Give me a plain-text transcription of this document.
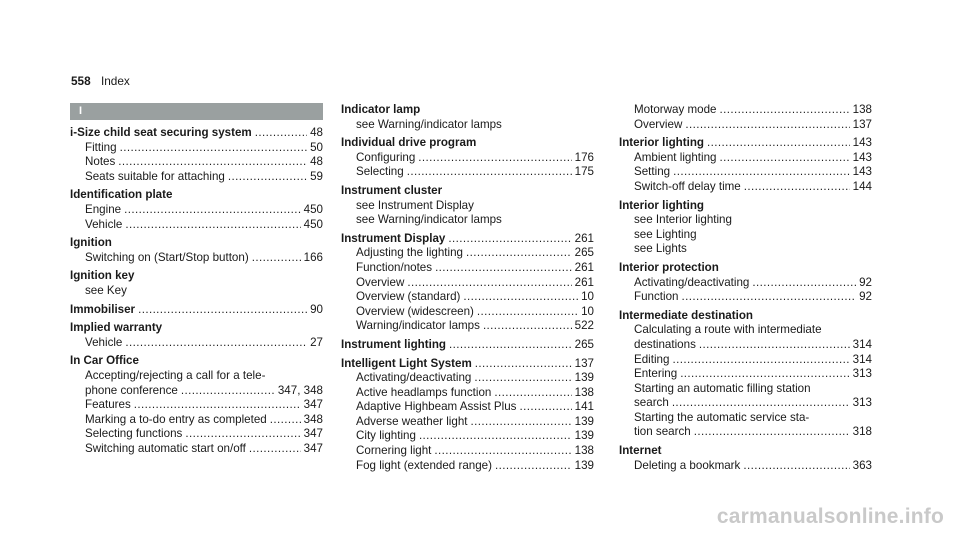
558 Index
I
i-Size child seat securing system .....	48
Fitting .....	50
Notes .....	48
Seats suitable for attaching .....	59
Identification plate
Engine .....	450
Vehicle .....	450
Ignition
Switching on (Start/Stop button) .....	166
Ignition key
see Key
Immobiliser .....	90
Implied warranty
Vehicle .....	27
In Car Office
Accepting/rejecting a call for a tele-
phone conference .....	347, 348
Features .....	347
Marking a to-do entry as completed .....	348
Selecting functions .....	347
Switching automatic start on/off .....	347
Indicator lamp
see Warning/indicator lamps
Individual drive program
Configuring .....	176
Selecting .....	175
Instrument cluster
see Instrument Display
see Warning/indicator lamps
Instrument Display .....	261
Adjusting the lighting .....	265
Function/notes .....	261
Overview .....	261
Overview (standard) .....	10
Overview (widescreen) .....	10
Warning/indicator lamps .....	522
Instrument lighting .....	265
Intelligent Light System .....	137
Activating/deactivating .....	139
Active headlamps function .....	138
Adaptive Highbeam Assist Plus .....	141
Adverse weather light .....	139
City lighting .....	139
Cornering light .....	138
Fog light (extended range) .....	139
Motorway mode .....	138
Overview .....	137
Interior lighting .....	143
Ambient lighting .....	143
Setting .....	143
Switch-off delay time .....	144
Interior lighting
see Interior lighting
see Lighting
see Lights
Interior protection
Activating/deactivating .....	92
Function .....	92
Intermediate destination
Calculating a route with intermediate
destinations .....	314
Editing .....	314
Entering .....	313
Starting an automatic filling station
search .....	313
Starting the automatic service sta-
tion search .....	318
Internet
Deleting a bookmark .....	363
carmanualsonline.info
